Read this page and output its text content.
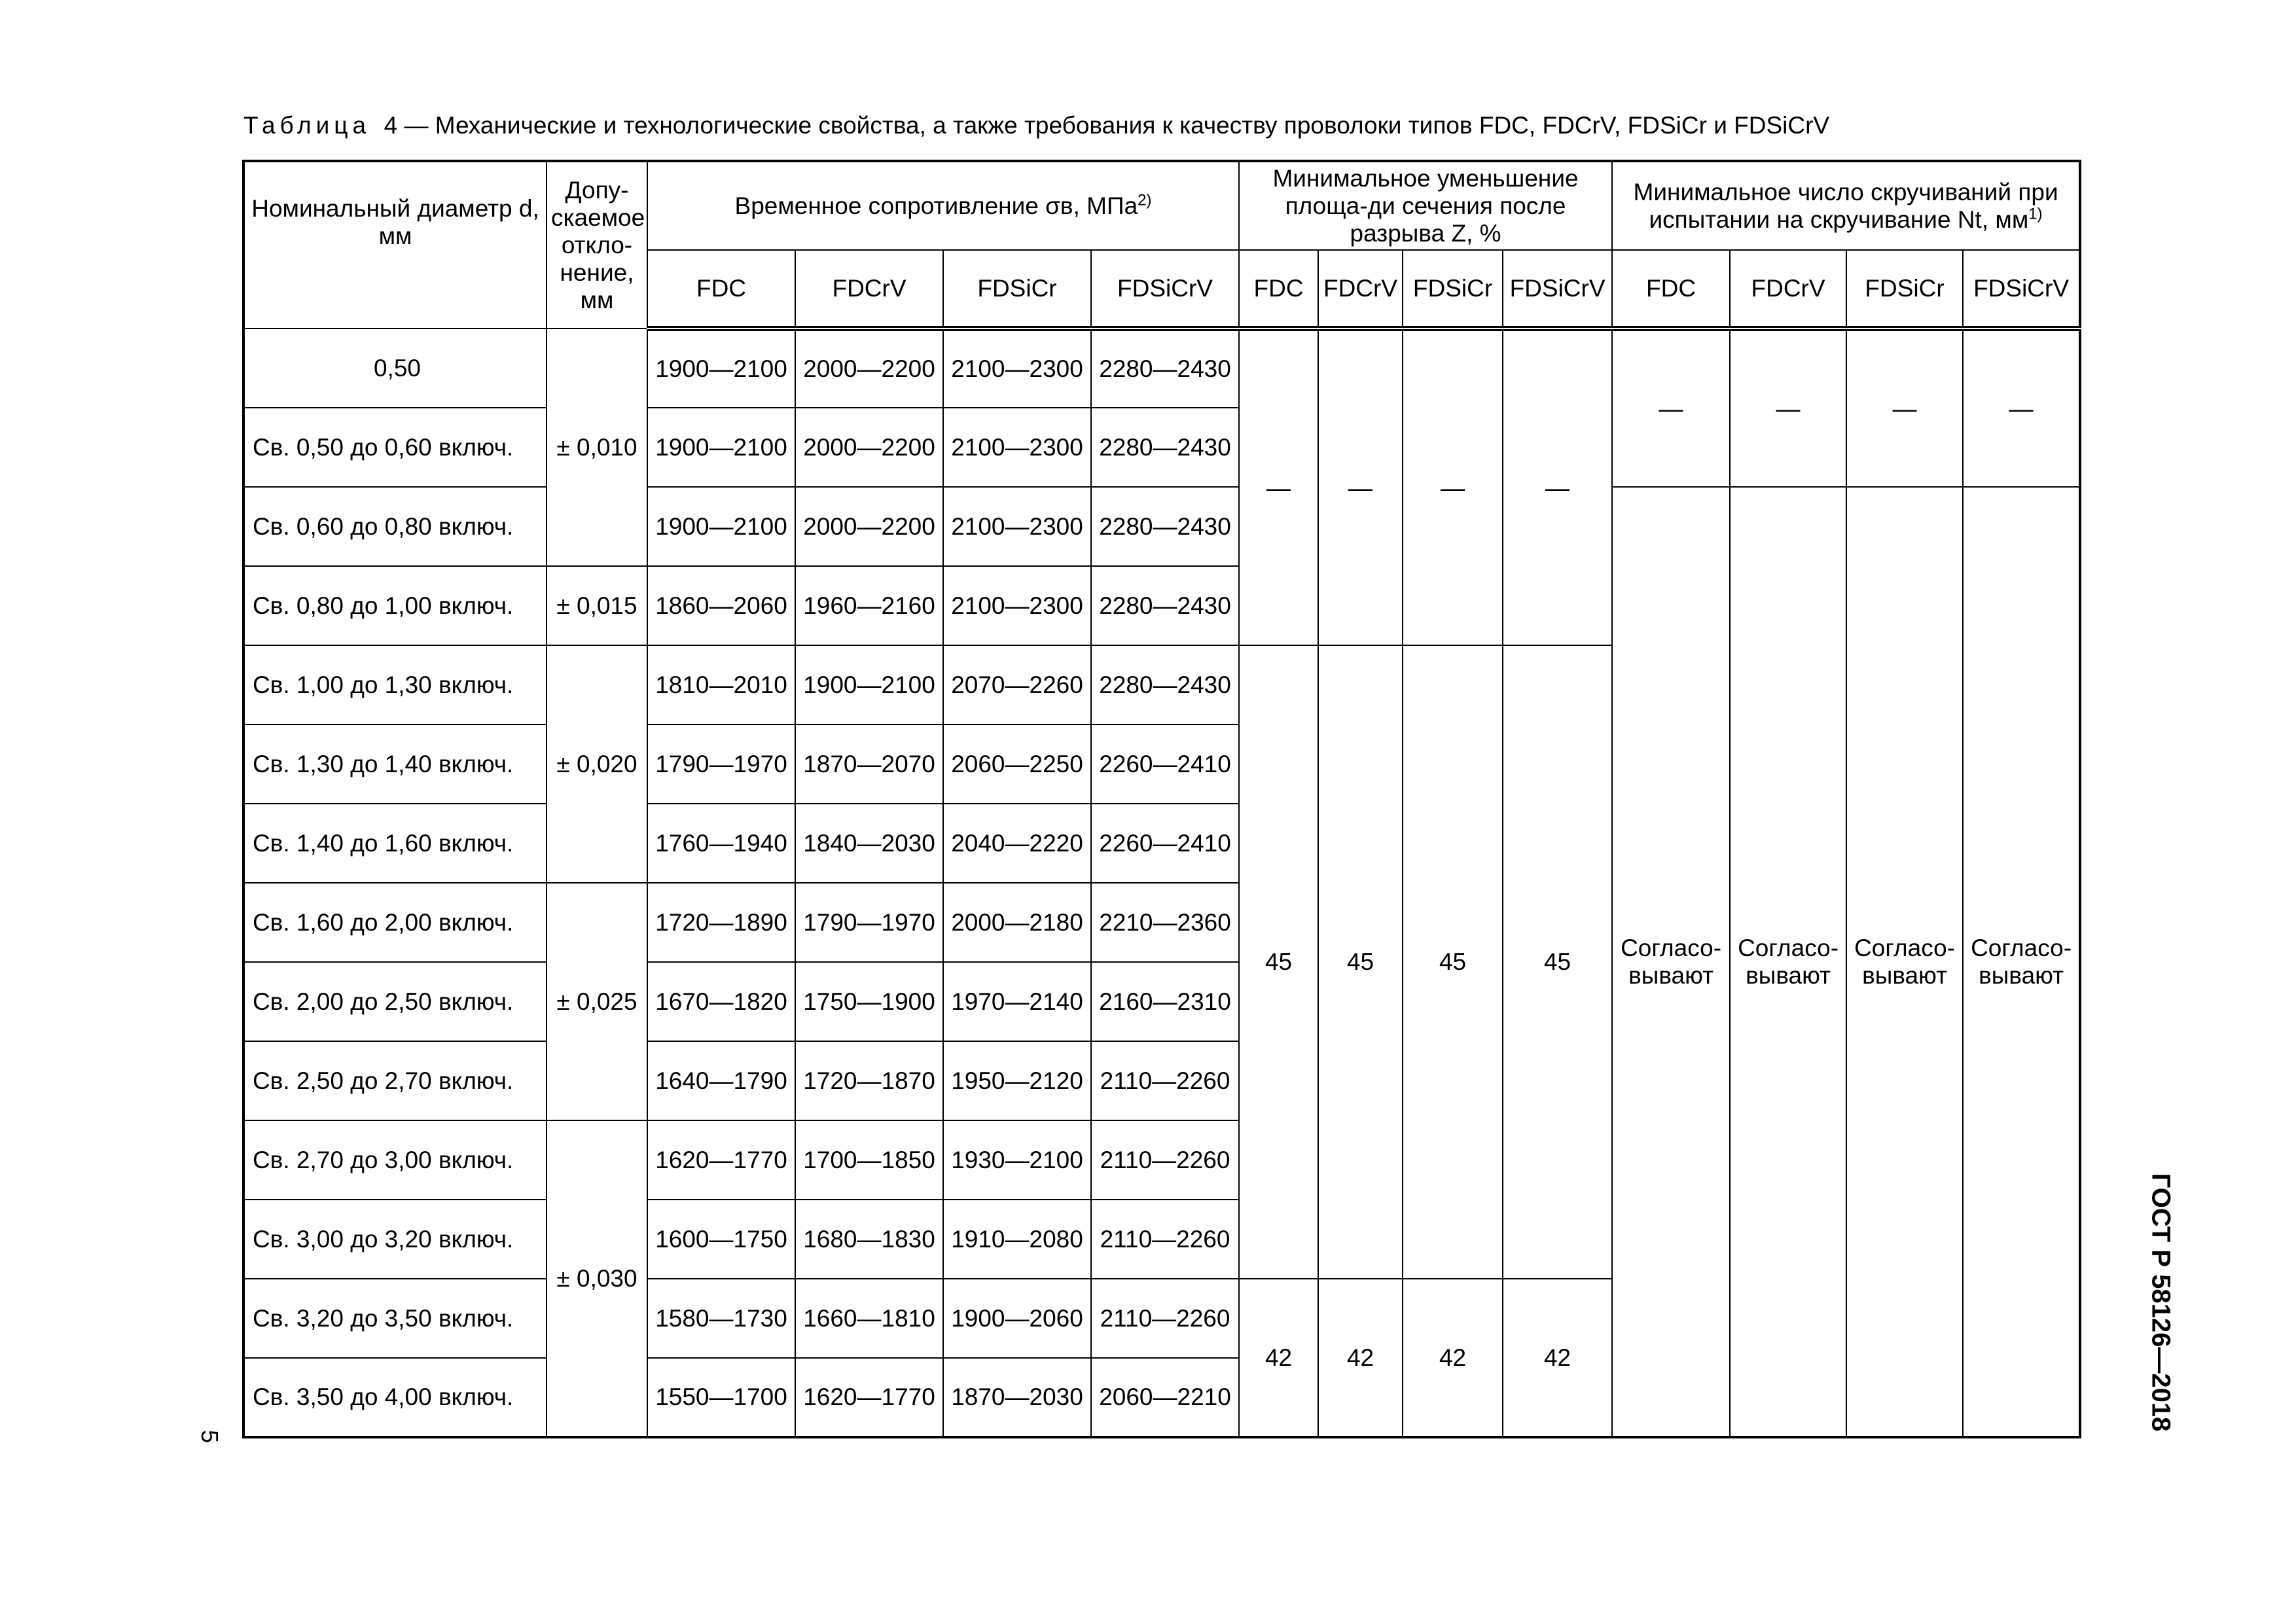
Таблица 4 — Механические и технологические свойства, а также требования к качеству проволоки типов FDC, FDCrV, FDSiCr и FDSiCrV
Номинальный диаметр d, мм	Допу-скаемое откло-нение, мм	Временное сопротивление σв, МПа$^{2)}$				Минимальное уменьшение площа-ди сечения после разрыва Z, %				Минимальное число скручиваний при испытании на скручивание Nt, $мм^{1)}$
		FDC	FDCrV	FDSiCr	FDSiCrV	FDC	FDCrV	FDSiCr	FDSiCrV	FDC	FDCrV	FDSiCr	FDSiCrV
0,50	± 0,010	1900—2100	2000—2200	2100—2300	2280—2430	—	—	—	—	—	—	—	—
Св. 0,50 до 0,60 включ.		1900—2100	2000—2200	2100—2300	2280—2430								
Св. 0,60 до 0,80 включ.		1900—2100	2000—2200	2100—2300	2280—2430					Согласо-вывают	Согласо-вывают	Согласо-вывают	Согласо-вывают
Св. 0,80 до 1,00 включ.	± 0,015	1860—2060	1960—2160	2100—2300	2280—2430								
Св. 1,00 до 1,30 включ.	± 0,020	1810—2010	1900—2100	2070—2260	2280—2430	45	45	45	45				
Св. 1,30 до 1,40 включ.		1790—1970	1870—2070	2060—2250	2260—2410								
Св. 1,40 до 1,60 включ.		1760—1940	1840—2030	2040—2220	2260—2410								
Св. 1,60 до 2,00 включ.	± 0,025	1720—1890	1790—1970	2000—2180	2210—2360								
Св. 2,00 до 2,50 включ.		1670—1820	1750—1900	1970—2140	2160—2310								
Св. 2,50 до 2,70 включ.		1640—1790	1720—1870	1950—2120	2110—2260								
Св. 2,70 до 3,00 включ.	± 0,030	1620—1770	1700—1850	1930—2100	2110—2260								
Св. 3,00 до 3,20 включ.		1600—1750	1680—1830	1910—2080	2110—2260								
Св. 3,20 до 3,50 включ.		1580—1730	1660—1810	1900—2060	2110—2260	42	42	42	42				
Св. 3,50 до 4,00 включ.		1550—1700	1620—1770	1870—2030	2060—2210									ГОСТ Р 58126—2018
5
